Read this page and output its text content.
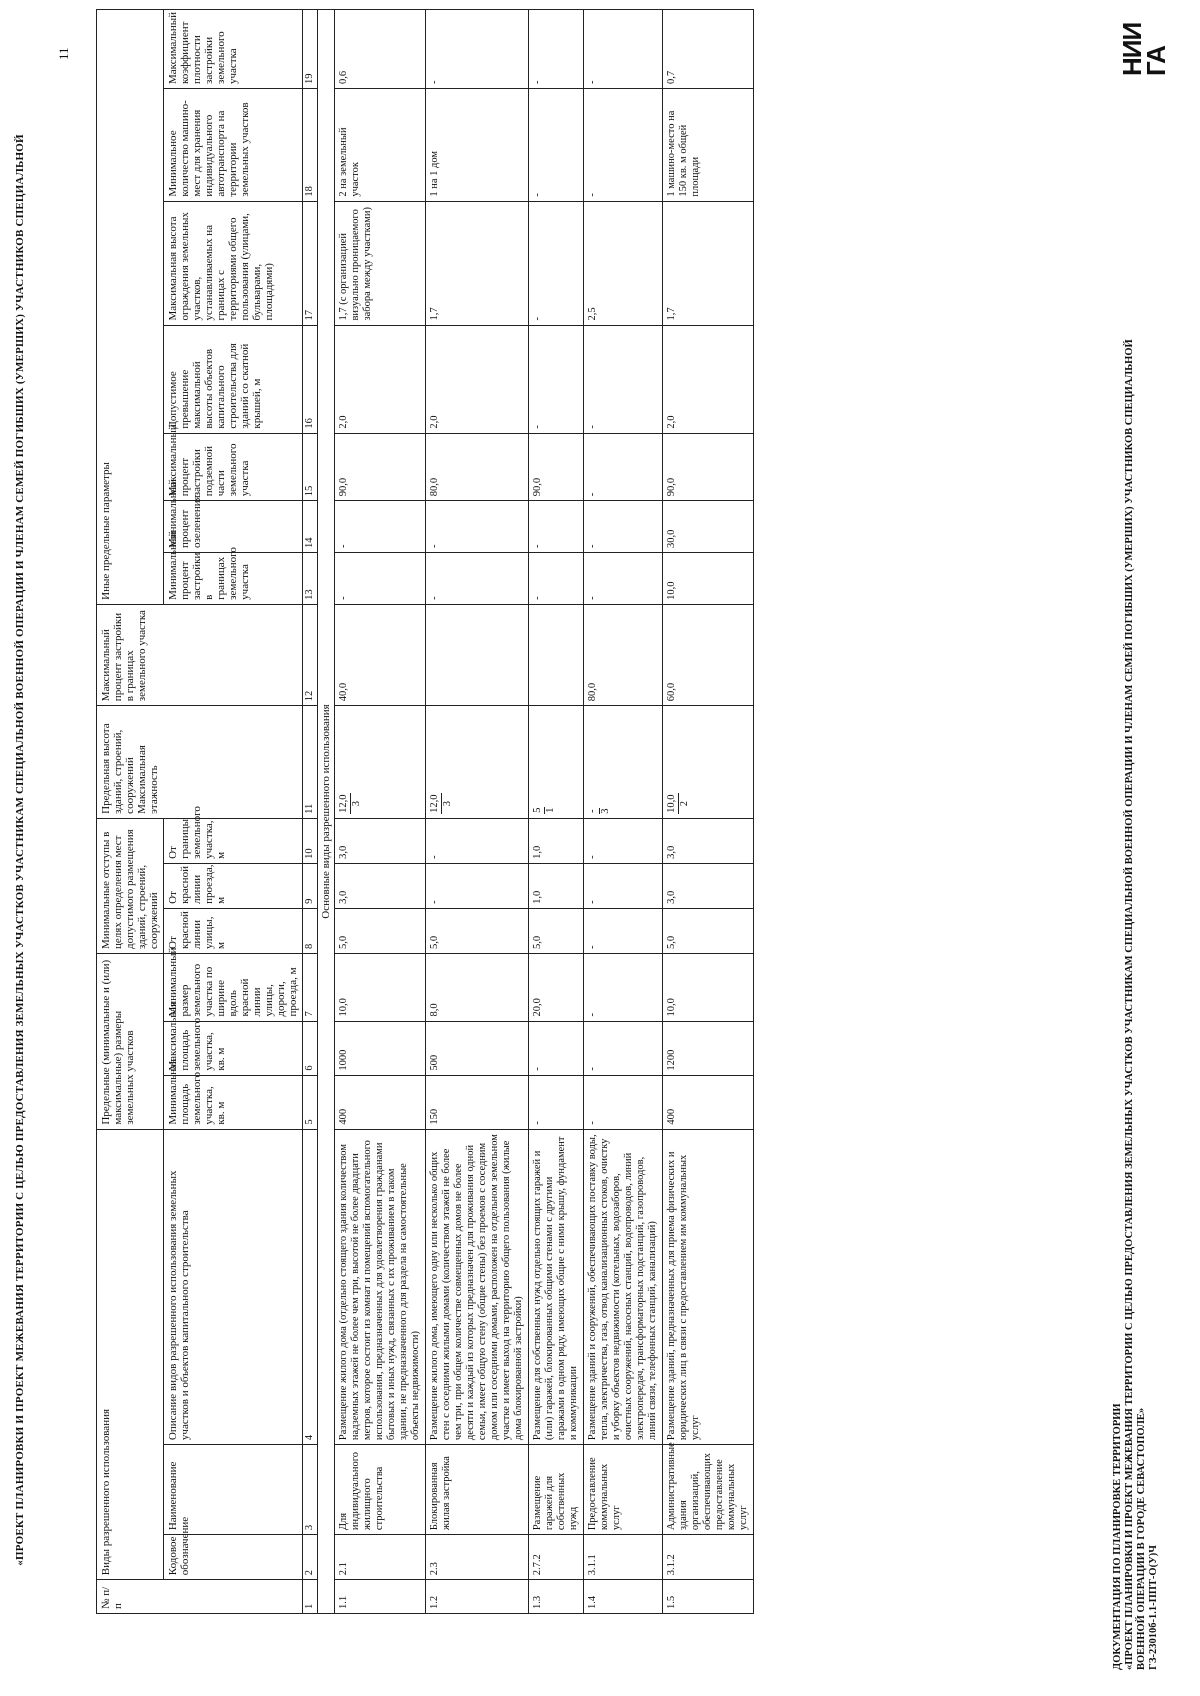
«ПРОЕКТ ПЛАНИРОВКИ И ПРОЕКТ МЕЖЕВАНИЯ ТЕРРИТОРИИ С ЦЕЛЬЮ ПРЕДОСТАВЛЕНИЯ ЗЕМЕЛЬНЫХ УЧАСТКОВ УЧАСТНИКАМ СПЕЦИАЛЬНОЙ ВОЕННОЙ ОПЕРАЦИИ И ЧЛЕНАМ СЕМЕЙ ПОГИБШИХ (УМЕРШИХ) УЧАСТНИКОВ СПЕЦИАЛЬНОЙ
11
ДОКУМЕНТАЦИЯ ПО ПЛАНИРОВКЕ ТЕРРИТОРИИ «ПРОЕКТ ПЛАНИРОВКИ И ПРОЕКТ МЕЖЕВАНИЯ ТЕРРИТОРИИ С ЦЕЛЬЮ ПРЕДОСТАВЛЕНИЯ ЗЕМЕЛЬНЫХ УЧАСТКОВ УЧАСТНИКАМ СПЕЦИАЛЬНОЙ ВОЕННОЙ ОПЕРАЦИИ И ЧЛЕНАМ СЕМЕЙ ПОГИБШИХ (УМЕРШИХ) УЧАСТНИКОВ СПЕЦИАЛЬНОЙ ВОЕННОЙ ОПЕРАЦИИ В ГОРОДЕ СЕВАСТОПОЛЕ» ГЗ-23010б-1.1-ППТ-О(У)Ч
НИИ
ГА
№ п/п	Виды разрешенного использования			Предельные (минимальные и (или) максимальные) размеры земельных участков			Минимальные отступы в целях определения мест допустимого размещения зданий, строений, сооружений			Предельная высота зданий, строений, сооружений Максимальная этажность	Максимальный процент застройки в границах земельного участка	Иные предельные параметры						
	Кодовое обозначение	Наименование	Описание видов разрешенного использования земельных участков и объектов капитального строительства	Минимальная площадь земельного участка, кв. м	Максимальная площадь земельного участка, кв. м	Минимальный размер земельного участка по ширине вдоль красной линии улицы, дороги, проезда, м	От красной линии улицы, м	От красной линии проезда, м	От границы земельного участка, м			Минимальный процент застройки в границах земельного участка	Минимальный процент озеленения	Максимальный процент застройки подземной части земельного участка	Допустимое превышение максимальной высоты объектов капитального строительства для зданий со скатной крышей, м	Максимальная высота ограждения земельных участков, устанавливаемых на границах с территориями общего пользования (улицами, бульварами, площадями)	Минимальное количество машино-мест для хранения индивидуального автотранспорта на территории земельных участков	Максимальный коэффициент плотности застройки земельного участка
1	2	3	4	5	6	7	8	9	10	11	12	13	14	15	16	17	18	19

Основные виды разрешенного использования																		

1.1	2.1	Для индивидуального жилищного строительства	Размещение жилого дома (отдельно стоящего здания количеством надземных этажей не более чем три, высотой не более двадцати метров, которое состоит из комнат и помещений вспомогательного использования, предназначенных для удовлетворения гражданами бытовых и иных нужд, связанных с их проживанием в таком здании, не предназначенного для раздела на самостоятельные объекты недвижимости)	400	1000	10,0	5,0	3,0	3,0	12,0 3	40,0	-	-	90,0	2,0	1,7 (с организацией визуально проницаемого забора между участками)	2 на земельный участок	0,6
1.2	2.3	Блокированная жилая застройка	Размещение жилого дома, имеющего одну или несколько общих стен с соседними жилыми домами (количеством этажей не более чем три, при общем количестве совмещенных домов не более десяти и каждый из которых предназначен для проживания одной семьи, имеет общую стену (общие стены) без проемов с соседним домом или соседними домами, расположен на отдельном земельном участке и имеет выход на территорию общего пользования (жилые дома блокированной застройки)	150	500	8,0	5,0	-	-	12,0 3		-	-	80,0	2,0	1,7	1 на 1 дом	-
1.3	2.7.2	Размещение гаражей для собственных нужд	Размещение для собственных нужд отдельно стоящих гаражей и (или) гаражей, блокированных общими стенами с другими гаражами в одном ряду, имеющих общие с ними крышу, фундамент и коммуникации	-	-	20,0	5,0	1,0	1,0	5 1		-	-	90,0	-	-	-	-
1.4	3.1.1	Предоставление коммунальных услуг	Размещение зданий и сооружений, обеспечивающих поставку воды, тепла, электричества, газа, отвод канализационных стоков, очистку и уборку объектов недвижимости (котельных, водозаборов, очистных сооружений, насосных станций, водопроводов, линий электропередач, трансформаторных подстанций, газопроводов, линий связи, телефонных станций, канализаций)	-	-	-	-	-	-	- 3	80,0	-	-	-	-	2,5	-	-
1.5	3.1.2	Административные здания организаций, обеспечивающих предоставление коммунальных услуг	Размещение зданий, предназначенных для приема физических и юридических лиц в связи с предоставлением им коммунальных услуг	400	1200	10,0	5,0	3,0	3,0	10,0 2	60,0	10,0	30,0	90,0	2,0	1,7	1 машино-место на 150 кв. м общей площади	0,7
